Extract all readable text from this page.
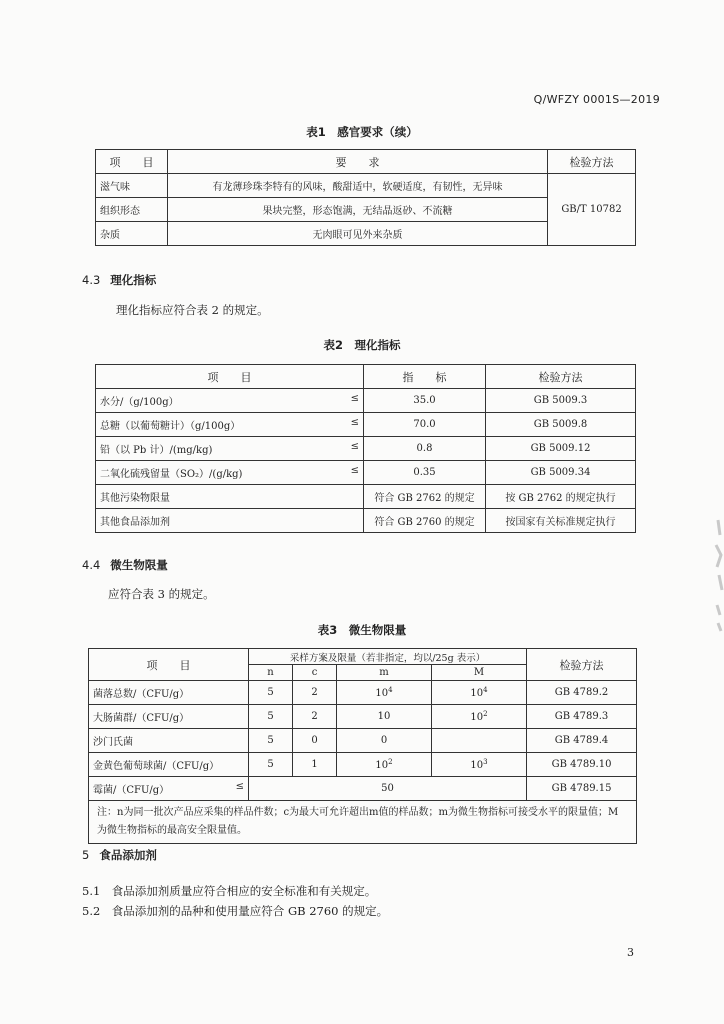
Q/WFZY 0001S—2019
表1　感官要求（续）
项　　目	要　　求	检验方法
滋气味	有龙薄珍珠李特有的风味，酸甜适中，软硬适度，有韧性，无异味	GB/T 10782
组织形态	果块完整，形态饱满，无结晶返砂、不流糖	
杂质	无肉眼可见外来杂质	
4.3 理化指标
理化指标应符合表 2 的规定。
表2　理化指标
项　　目	指　　标	检验方法
水分/（g/100g） ≤	35.0	GB 5009.3
总糖（以葡萄糖计）（g/100g） ≤	70.0	GB 5009.8
铅（以 Pb 计）/(mg/kg) ≤	0.8	GB 5009.12
二氧化硫残留量（SO₂）/(g/kg) ≤	0.35	GB 5009.34
其他污染物限量	符合 GB 2762 的规定	按 GB 2762 的规定执行
其他食品添加剂	符合 GB 2760 的规定	按国家有关标准规定执行
4.4 微生物限量
应符合表 3 的规定。
表3　微生物限量
项　　目	采样方案及限量（若非指定，均以/25g 表示）				检验方法
	n	c	m	M	
菌落总数/（CFU/g）	5	2	$10^4$	$10^4$	GB 4789.2
大肠菌群/（CFU/g）	5	2	10	$10^2$	GB 4789.3
沙门氏菌	5	0	0		GB 4789.4
金黄色葡萄球菌/（CFU/g）	5	1	$10^2$	$10^3$	GB 4789.10
霉菌/（CFU/g） ≤	50				GB 4789.15
注：n为同一批次产品应采集的样品件数；c为最大可允许超出m值的样品数；m为微生物指标可接受水平的限量值；M为微生物指标的最高安全限量值。					
5 食品添加剂
5.1　食品添加剂质量应符合相应的安全标准和有关规定。
5.2　食品添加剂的品种和使用量应符合 GB 2760 的规定。
3
